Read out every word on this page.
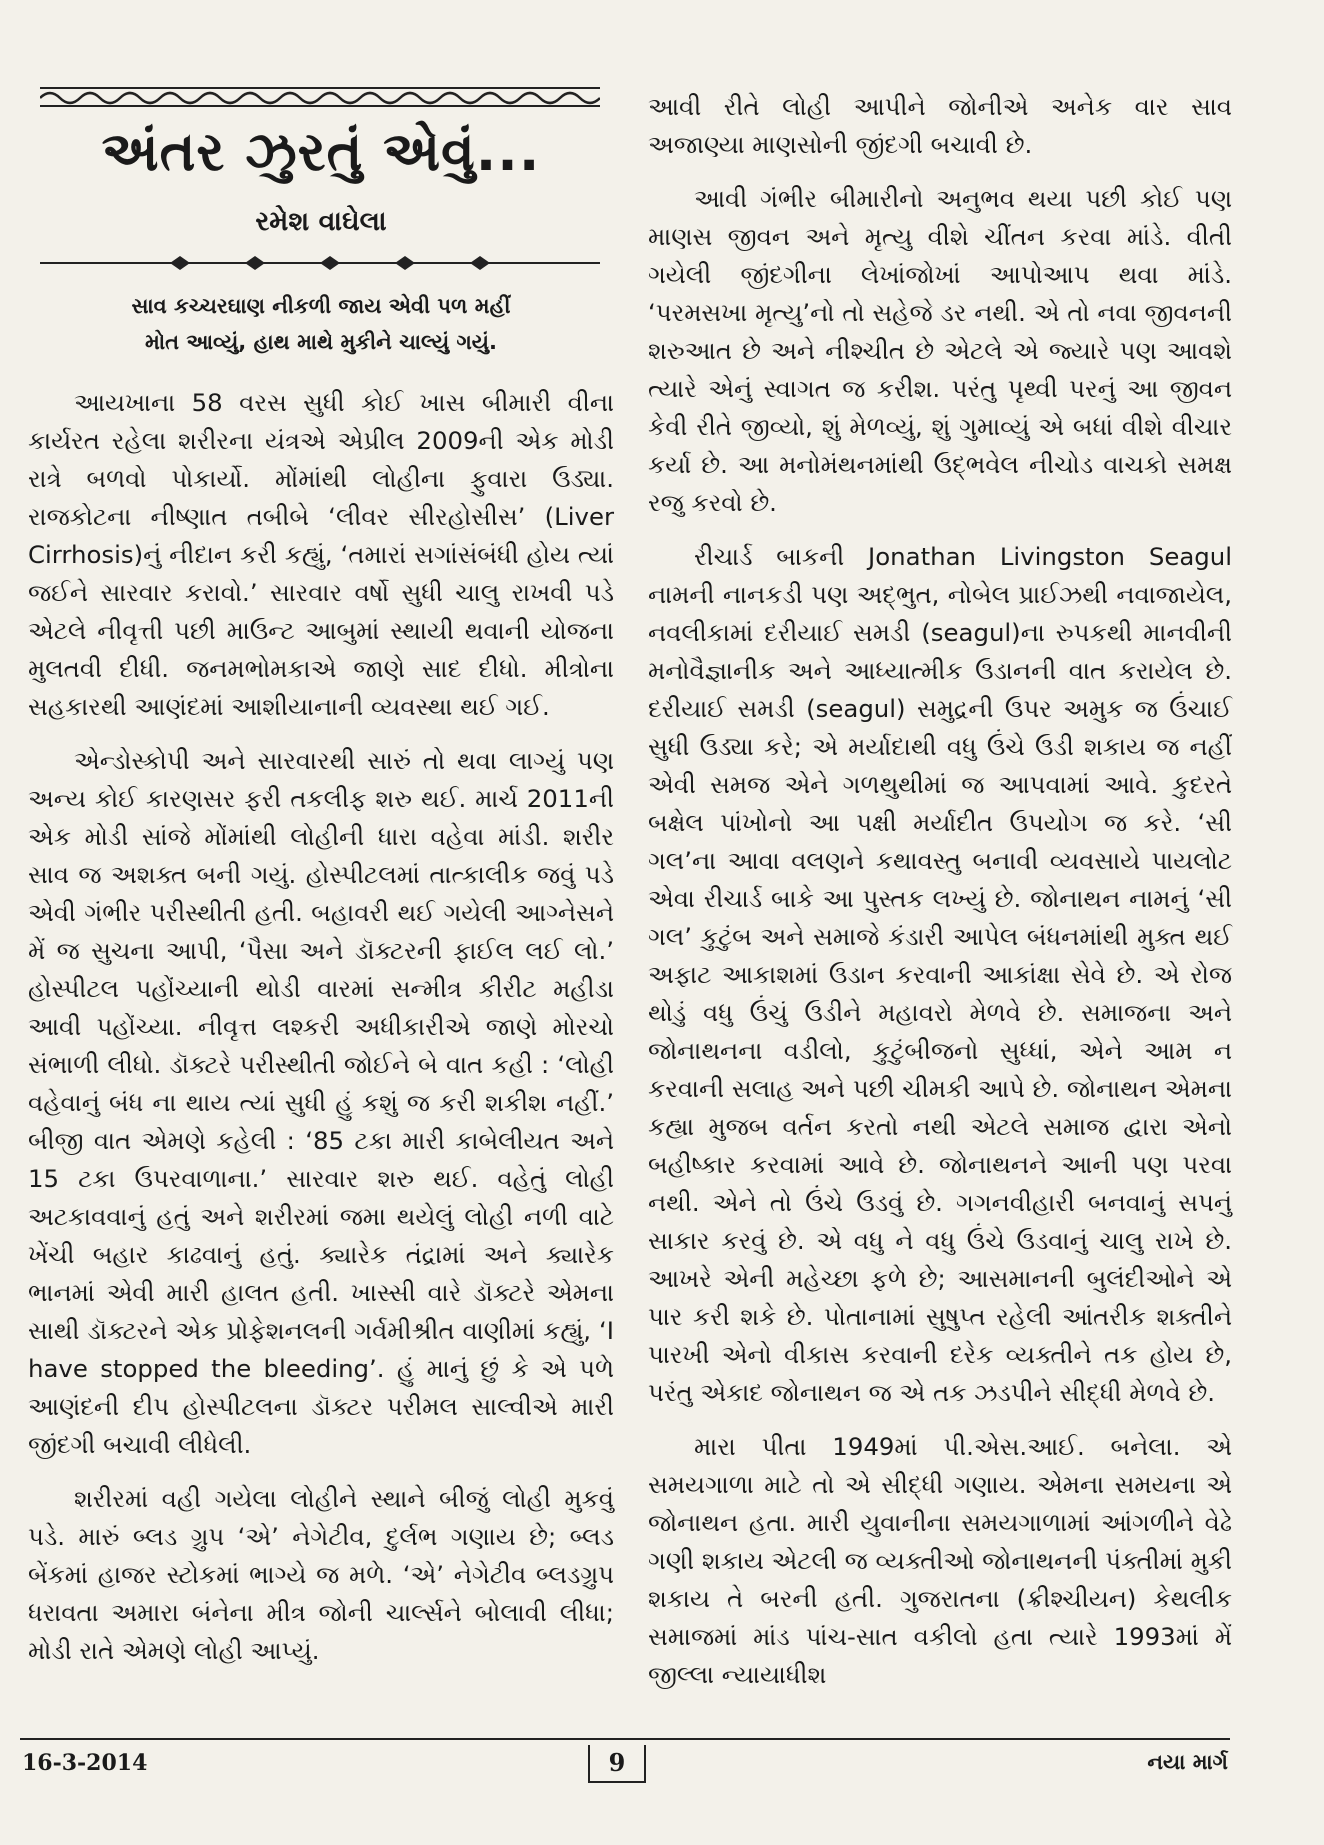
અંતર ઝુરતું એવું...
રમેશ વાઘેલા
સાવ કચ્ચરઘાણ નીકળી જાય એવી પળ મહીં
મોત આવ્યું, હાથ માથે મુકીને ચાલ્યું ગયું.

આયખાના 58 વરસ સુધી કોઈ ખાસ બીમારી વીના કાર્યરત રહેલા શરીરના યંત્રએ એપ્રીલ 2009ની એક મોડી રાત્રે બળવો પોકાર્યો. મોંમાંથી લોહીના ફુવારા ઉડ્યા. રાજકોટના નીષ્ણાત તબીબે ‘લીવર સીરહોસીસ’ (Liver Cirrhosis)નું નીદાન કરી કહ્યું, ‘તમારાં સગાંસંબંધી હોય ત્યાં જઈને સારવાર કરાવો.’ સારવાર વર્ષો સુધી ચાલુ રાખવી પડે એટલે નીવૃત્તી પછી માઉન્ટ આબુમાં સ્થાયી થવાની યોજના મુલતવી દીધી. જનમભોમકાએ જાણે સાદ દીધો. મીત્રોના સહકારથી આણંદમાં આશીયાનાની વ્યવસ્થા થઈ ગઈ.

એન્ડોસ્કોપી અને સારવારથી સારું તો થવા લાગ્યું પણ અન્ય કોઈ કારણસર ફરી તકલીફ શરુ થઈ. માર્ચ 2011ની એક મોડી સાંજે મોંમાંથી લોહીની ધારા વહેવા માંડી. શરીર સાવ જ અશક્ત બની ગયું. હોસ્પીટલમાં તાત્કાલીક જવું પડે એવી ગંભીર પરીસ્થીતી હતી. બહાવરી થઈ ગયેલી આગ્નેસને મેં જ સુચના આપી, ‘પૈસા અને ડૉક્ટરની ફાઈલ લઈ લો.’ હોસ્પીટલ પહોંચ્યાની થોડી વારમાં સન્મીત્ર કીરીટ મહીડા આવી પહોંચ્યા. નીવૃત્ત લશ્કરી અધીકારીએ જાણે મોરચો સંભાળી લીધો. ડૉક્ટરે પરીસ્થીતી જોઈને બે વાત કહી : ‘લોહી વહેવાનું બંધ ના થાય ત્યાં સુધી હું કશું જ કરી શકીશ નહીં.’ બીજી વાત એમણે કહેલી : ‘85 ટકા મારી કાબેલીયત અને 15 ટકા ઉપરવાળાના.’ સારવાર શરુ થઈ. વહેતું લોહી અટકાવવાનું હતું અને શરીરમાં જમા થયેલું લોહી નળી વાટે ખેંચી બહાર કાઢવાનું હતું. ક્યારેક તંદ્રામાં અને ક્યારેક ભાનમાં એવી મારી હાલત હતી. ખાસ્સી વારે ડૉક્ટરે એમના સાથી ડૉક્ટરને એક પ્રોફેશનલની ગર્વમીશ્રીત વાણીમાં કહ્યું, ‘I have stopped the bleeding’. હું માનું છું કે એ પળે આણંદની દીપ હોસ્પીટલના ડૉક્ટર પરીમલ સાલ્વીએ મારી જીંદગી બચાવી લીધેલી.

શરીરમાં વહી ગયેલા લોહીને સ્થાને બીજું લોહી મુકવું પડે. મારું બ્લડ ગ્રુપ ‘એ’ નેગેટીવ, દુર્લભ ગણાય છે; બ્લડ બેંકમાં હાજર સ્ટોકમાં ભાગ્યે જ મળે. ‘એ’ નેગેટીવ બ્લડગ્રુપ ધરાવતા અમારા બંનેના મીત્ર જોની ચાર્લ્સને બોલાવી લીધા; મોડી રાતે એમણે લોહી આપ્યું.

આવી રીતે લોહી આપીને જોનીએ અનેક વાર સાવ અજાણ્યા માણસોની જીંદગી બચાવી છે.

આવી ગંભીર બીમારીનો અનુભવ થયા પછી કોઈ પણ માણસ જીવન અને મૃત્યુ વીશે ચીંતન કરવા માંડે. વીતી ગયેલી જીંદગીના લેખાંજોખાં આપોઆપ થવા માંડે. ‘પરમસખા મૃત્યુ’નો તો સહેજે ડર નથી. એ તો નવા જીવનની શરુઆત છે અને નીશ્ચીત છે એટલે એ જ્યારે પણ આવશે ત્યારે એનું સ્વાગત જ કરીશ. પરંતુ પૃથ્વી પરનું આ જીવન કેવી રીતે જીવ્યો, શું મેળવ્યું, શું ગુમાવ્યું એ બધાં વીશે વીચાર કર્યા છે. આ મનોમંથનમાંથી ઉદ્ભવેલ નીચોડ વાચકો સમક્ષ રજુ કરવો છે.

રીચાર્ડ બાકની Jonathan Livingston Seagul નામની નાનકડી પણ અદ્ભુત, નોબેલ પ્રાઈઝથી નવાજાયેલ, નવલીકામાં દરીયાઈ સમડી (seagul)ના રુપકથી માનવીની મનોવૈજ્ઞાનીક અને આધ્યાત્મીક ઉડાનની વાત કરાયેલ છે. દરીયાઈ સમડી (seagul) સમુદ્રની ઉપર અમુક જ ઉંચાઈ સુધી ઉડ્યા કરે; એ મર્યાદાથી વધુ ઉંચે ઉડી શકાય જ નહીં એવી સમજ એને ગળથુથીમાં જ આપવામાં આવે. કુદરતે બક્ષેલ પાંખોનો આ પક્ષી મર્યાદીત ઉપયોગ જ કરે. ‘સી ગલ’ના આવા વલણને કથાવસ્તુ બનાવી વ્યવસાયે પાયલોટ એવા રીચાર્ડ બાકે આ પુસ્તક લખ્યું છે. જોનાથન નામનું ‘સી ગલ’ કુટુંબ અને સમાજે કંડારી આપેલ બંધનમાંથી મુક્ત થઈ અફાટ આકાશમાં ઉડાન કરવાની આકાંક્ષા સેવે છે. એ રોજ થોડું વધુ ઉંચું ઉડીને મહાવરો મેળવે છે. સમાજના અને જોનાથનના વડીલો, કુટુંબીજનો સુધ્ધાં, એને આમ ન કરવાની સલાહ અને પછી ચીમકી આપે છે. જોનાથન એમના કહ્યા મુજબ વર્તન કરતો નથી એટલે સમાજ દ્વારા એનો બહીષ્કાર કરવામાં આવે છે. જોનાથનને આની પણ પરવા નથી. એને તો ઉંચે ઉડવું છે. ગગનવીહારી બનવાનું સપનું સાકાર કરવું છે. એ વધુ ને વધુ ઉંચે ઉડવાનું ચાલુ રાખે છે. આખરે એની મહેચ્છા ફળે છે; આસમાનની બુલંદીઓને એ પાર કરી શકે છે. પોતાનામાં સુષુપ્ત રહેલી આંતરીક શક્તીને પારખી એનો વીકાસ કરવાની દરેક વ્યક્તીને તક હોય છે, પરંતુ એકાદ જોનાથન જ એ તક ઝડપીને સીદ્ધી મેળવે છે.

મારા પીતા 1949માં પી.એસ.આઈ. બનેલા. એ સમયગાળા માટે તો એ સીદ્ધી ગણાય. એમના સમયના એ જોનાથન હતા. મારી યુવાનીના સમયગાળામાં આંગળીને વેઢે ગણી શકાય એટલી જ વ્યક્તીઓ જોનાથનની પંક્તીમાં મુકી શકાય તે બરની હતી. ગુજરાતના (ક્રીશ્ચીયન) કેથલીક સમાજમાં માંડ પાંચ-સાત વકીલો હતા ત્યારે 1993માં મેં જીલ્લા ન્યાયાધીશ

16-3-2014	9	નયા માર્ગ
